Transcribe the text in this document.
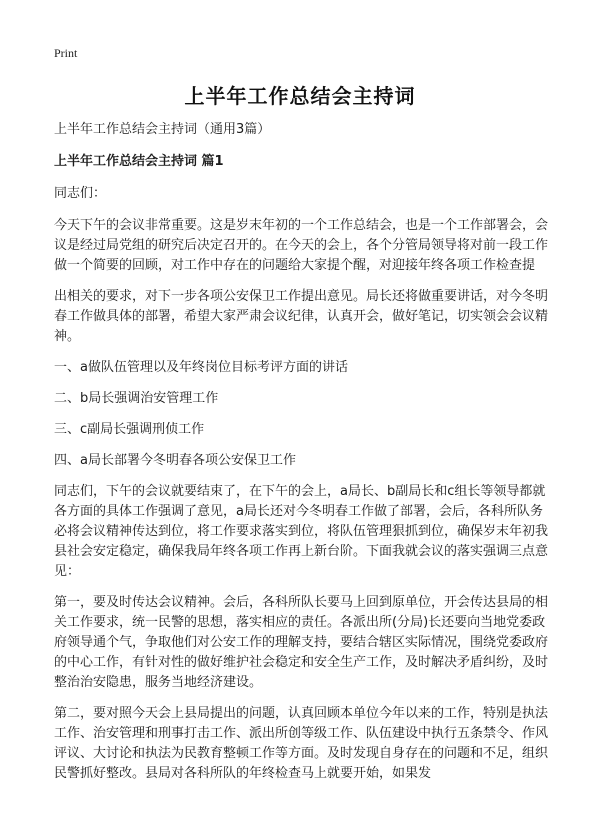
Print
上半年工作总结会主持词

上半年工作总结会主持词（通用3篇）

上半年工作总结会主持词 篇1

同志们：

今天下午的会议非常重要。这是岁末年初的一个工作总结会，也是一个工作部署会，会议是经过局党组的研究后决定召开的。在今天的会上，各个分管局领导将对前一段工作做一个简要的回顾，对工作中存在的问题给大家提个醒，对迎接年终各项工作检查提

出相关的要求，对下一步各项公安保卫工作提出意见。局长还将做重要讲话，对今冬明春工作做具体的部署，希望大家严肃会议纪律，认真开会，做好笔记，切实领会会议精神。

一、a做队伍管理以及年终岗位目标考评方面的讲话

二、b局长强调治安管理工作

三、c副局长强调刑侦工作

四、a局长部署今冬明春各项公安保卫工作

同志们，下午的会议就要结束了，在下午的会上，a局长、b副局长和c组长等领导都就各方面的具体工作强调了意见，a局长还对今冬明春工作做了部署，会后，各科所队务必将会议精神传达到位，将工作要求落实到位，将队伍管理狠抓到位，确保岁末年初我县社会安定稳定，确保我局年终各项工作再上新台阶。下面我就会议的落实强调三点意见：

第一，要及时传达会议精神。会后，各科所队长要马上回到原单位，开会传达县局的相关工作要求，统一民警的思想，落实相应的责任。各派出所(分局)长还要向当地党委政府领导通个气，争取他们对公安工作的理解支持，要结合辖区实际情况，围绕党委政府的中心工作，有针对性的做好维护社会稳定和安全生产工作，及时解决矛盾纠纷，及时整治治安隐患，服务当地经济建设。

第二，要对照今天会上县局提出的问题，认真回顾本单位今年以来的工作，特别是执法工作、治安管理和刑事打击工作、派出所创等级工作、队伍建设中执行五条禁令、作风评议、大讨论和执法为民教育整顿工作等方面。及时发现自身存在的问题和不足，组织民警抓好整改。县局对各科所队的年终检查马上就要开始，如果发
